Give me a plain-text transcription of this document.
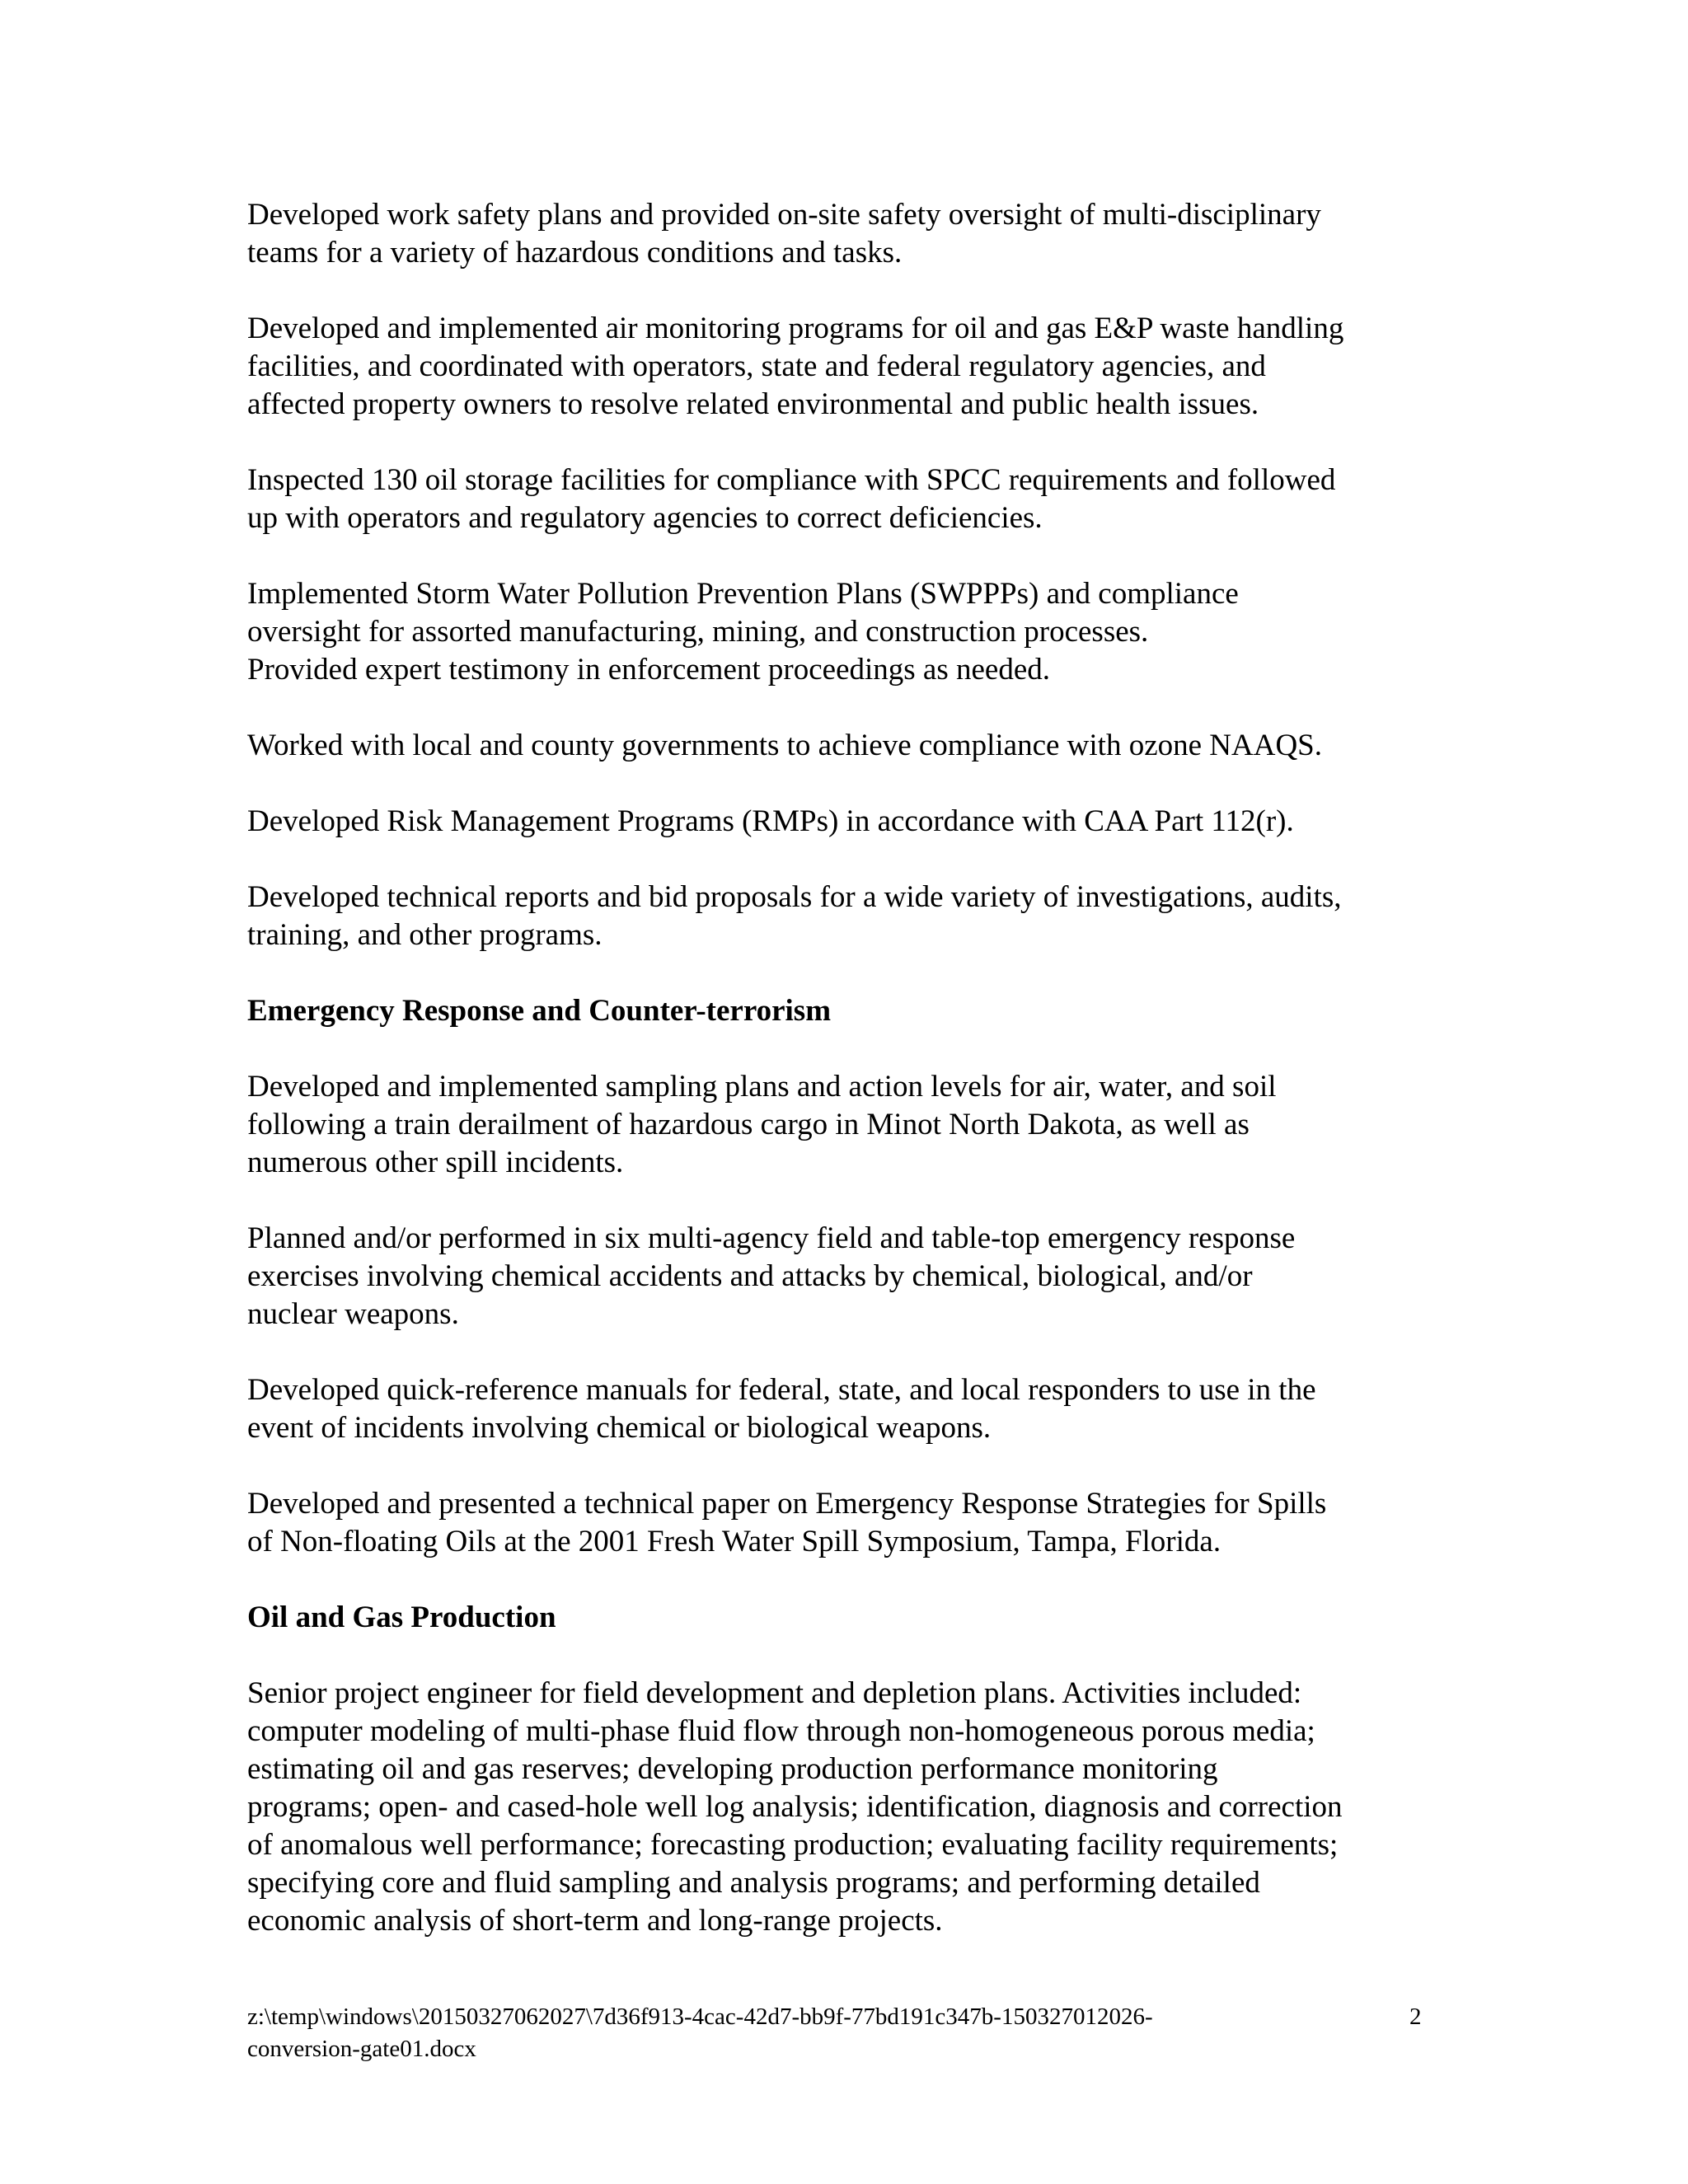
Developed work safety plans and provided on-site safety oversight of multi-disciplinary
teams for a variety of hazardous conditions and tasks.

Developed and implemented air monitoring programs for oil and gas E&P waste handling
facilities, and coordinated with operators, state and federal regulatory agencies, and
affected property owners to resolve related environmental and public health issues.

Inspected 130 oil storage facilities for compliance with SPCC requirements and followed
up with operators and regulatory agencies to correct deficiencies.

Implemented Storm Water Pollution Prevention Plans (SWPPPs) and compliance
oversight for assorted manufacturing, mining, and construction processes.
Provided expert testimony in enforcement proceedings as needed.

Worked with local and county governments to achieve compliance with ozone NAAQS.

Developed Risk Management Programs (RMPs) in accordance with CAA Part 112(r).

Developed technical reports and bid proposals for a wide variety of investigations, audits,
training, and other programs.

Emergency Response and Counter-terrorism

Developed and implemented sampling plans and action levels for air, water, and soil
following a train derailment of hazardous cargo in Minot North Dakota, as well as
numerous other spill incidents.

Planned and/or performed in six multi-agency field and table-top emergency response
exercises involving chemical accidents and attacks by chemical, biological, and/or
nuclear weapons.

Developed quick-reference manuals for federal, state, and local responders to use in the
event of incidents involving chemical or biological weapons.

Developed and presented a technical paper on Emergency Response Strategies for Spills
of Non-floating Oils at the 2001 Fresh Water Spill Symposium, Tampa, Florida.

Oil and Gas Production

Senior project engineer for field development and depletion plans. Activities included:
computer modeling of multi-phase fluid flow through non-homogeneous porous media;
estimating oil and gas reserves; developing production performance monitoring
programs; open- and cased-hole well log analysis; identification, diagnosis and correction
of anomalous well performance; forecasting production; evaluating facility requirements;
specifying core and fluid sampling and analysis programs; and performing detailed
economic analysis of short-term and long-range projects.

z:\temp\windows\20150327062027\7d36f913-4cac-42d7-bb9f-77bd191c347b-150327012026-
conversion-gate01.docx
2
